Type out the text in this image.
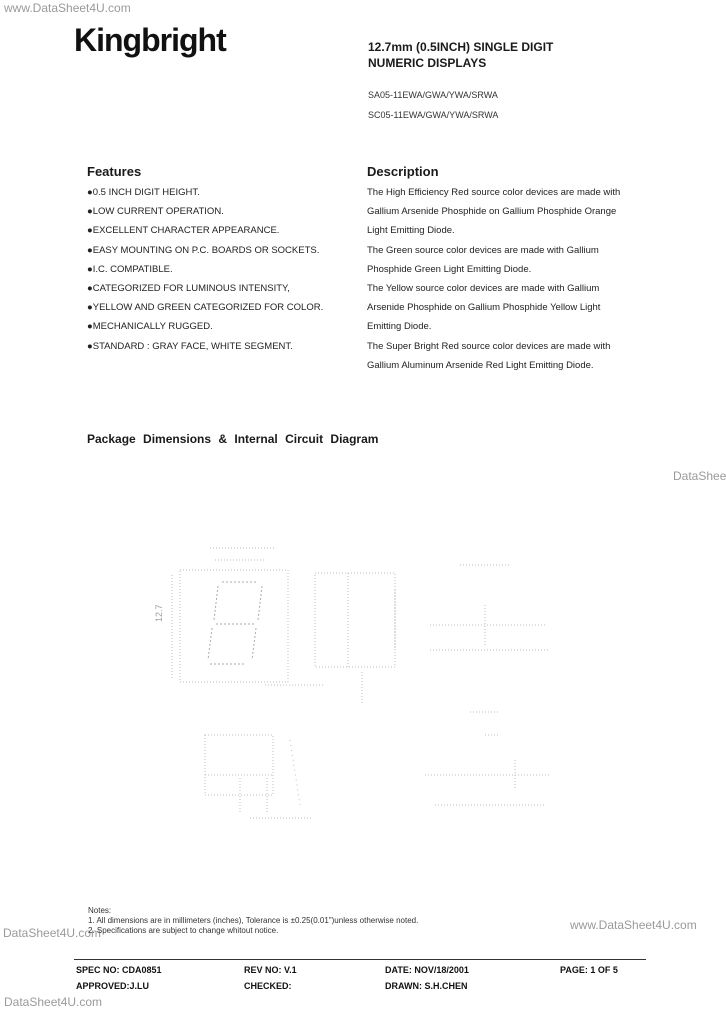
www.DataSheet4U.com
DataShee
DataSheet4U.com
www.DataSheet4U.com
DataSheet4U.com
Kingbright	12.7mm (0.5INCH) SINGLE DIGIT
NUMERIC DISPLAYS
SA05-11EWA/GWA/YWA/SRWA
SC05-11EWA/GWA/YWA/SRWA
Features
●0.5 INCH DIGIT HEIGHT.
●LOW CURRENT OPERATION.
●EXCELLENT CHARACTER APPEARANCE.
●EASY MOUNTING ON P.C. BOARDS OR SOCKETS.
●I.C. COMPATIBLE.
●CATEGORIZED FOR LUMINOUS INTENSITY,
●YELLOW AND GREEN CATEGORIZED FOR COLOR.
●MECHANICALLY RUGGED.
●STANDARD : GRAY FACE, WHITE SEGMENT.
Description
The High Efficiency Red source color devices are made with
Gallium Arsenide Phosphide on Gallium Phosphide Orange
Light Emitting Diode.
The Green source color devices are made with Gallium
Phosphide Green Light Emitting Diode.
The Yellow source color devices are made with Gallium
Arsenide Phosphide on Gallium Phosphide Yellow Light
Emitting Diode.
The Super Bright Red source color devices are made with
Gallium Aluminum Arsenide Red Light Emitting Diode.
Package Dimensions & Internal Circuit Diagram
12.7
Notes:
1. All dimensions are in millimeters (inches), Tolerance is ±0.25(0.01")unless otherwise noted.
2. Specifications are subject to change whitout notice.
SPEC NO: CDA0851	REV NO: V.1	DATE: NOV/18/2001	PAGE: 1 OF 5
APPROVED:J.LU	CHECKED:	DRAWN: S.H.CHEN
